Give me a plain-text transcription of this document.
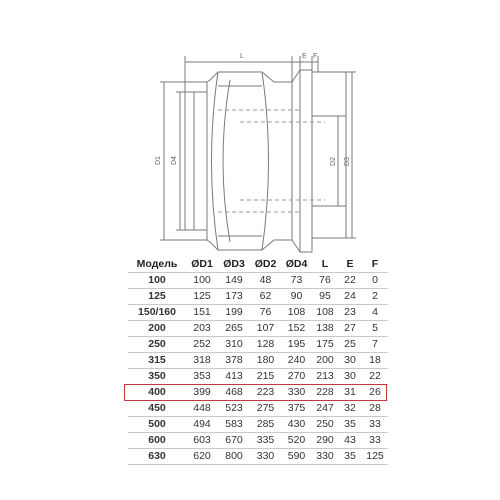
L	E F
D1 D4	D2 D3
Модель	ØD1	ØD3	ØD2	ØD4	L	E	F
100	100	149	48	73	76	22	0
125	125	173	62	90	95	24	2
150/160	151	199	76	108	108	23	4
200	203	265	107	152	138	27	5
250	252	310	128	195	175	25	7
315	318	378	180	240	200	30	18
350	353	413	215	270	213	30	22
400	399	468	223	330	228	31	26
450	448	523	275	375	247	32	28
500	494	583	285	430	250	35	33
600	603	670	335	520	290	43	33
630	620	800	330	590	330	35	125
